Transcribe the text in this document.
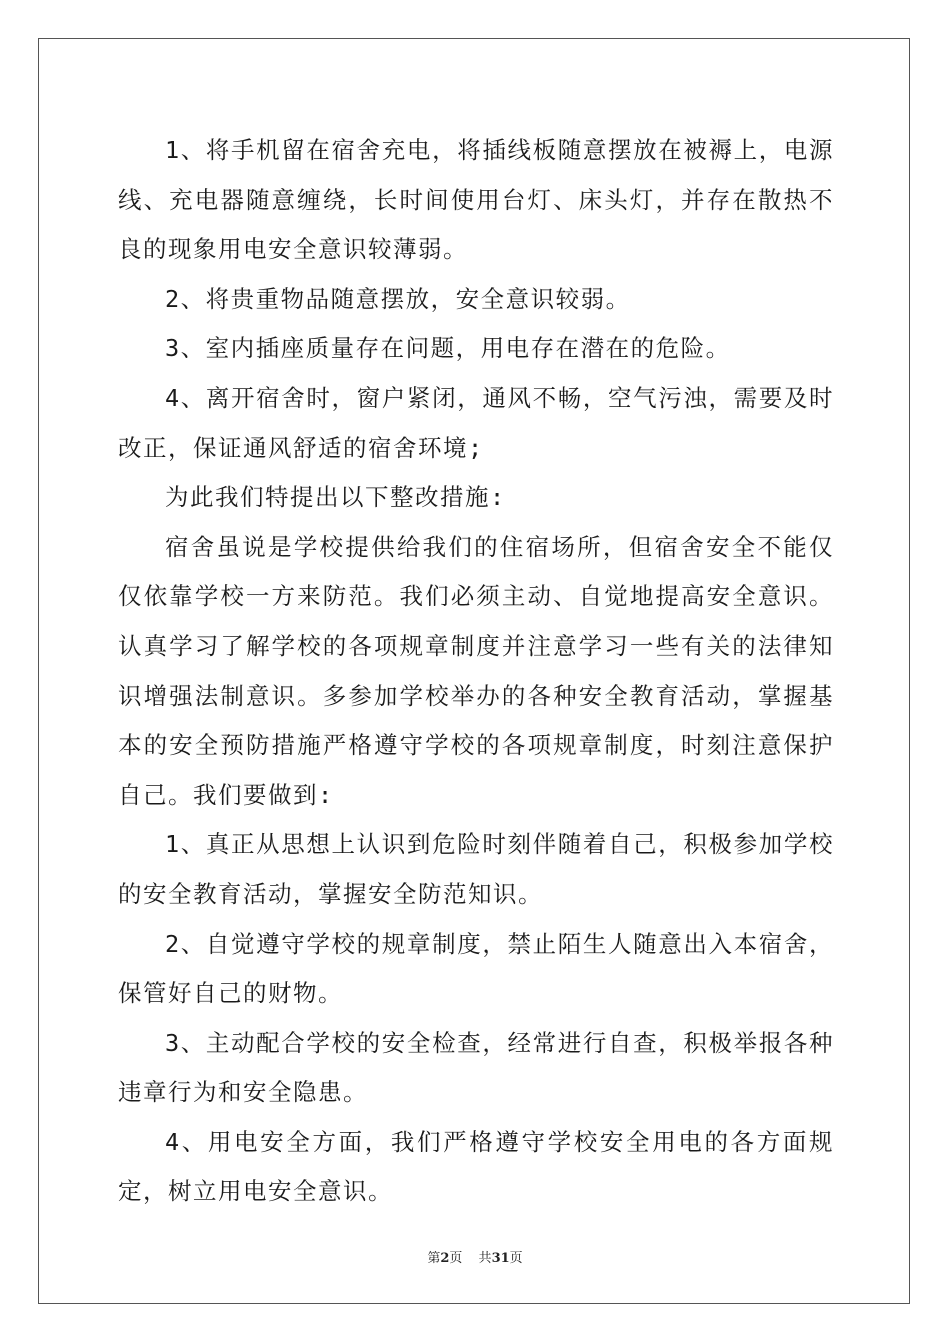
1、将手机留在宿舍充电，将插线板随意摆放在被褥上，电源线、充电器随意缠绕，长时间使用台灯、床头灯，并存在散热不良的现象用电安全意识较薄弱。

2、将贵重物品随意摆放，安全意识较弱。

3、室内插座质量存在问题，用电存在潜在的危险。

4、离开宿舍时，窗户紧闭，通风不畅，空气污浊，需要及时改正，保证通风舒适的宿舍环境;

为此我们特提出以下整改措施:

宿舍虽说是学校提供给我们的住宿场所，但宿舍安全不能仅仅依靠学校一方来防范。我们必须主动、自觉地提高安全意识。认真学习了解学校的各项规章制度并注意学习一些有关的法律知识增强法制意识。多参加学校举办的各种安全教育活动，掌握基本的安全预防措施严格遵守学校的各项规章制度，时刻注意保护自己。我们要做到:

1、真正从思想上认识到危险时刻伴随着自己，积极参加学校的安全教育活动，掌握安全防范知识。

2、自觉遵守学校的规章制度，禁止陌生人随意出入本宿舍，保管好自己的财物。

3、主动配合学校的安全检查，经常进行自查，积极举报各种违章行为和安全隐患。

4、用电安全方面，我们严格遵守学校安全用电的各方面规定，树立用电安全意识。

第2页 共31页
